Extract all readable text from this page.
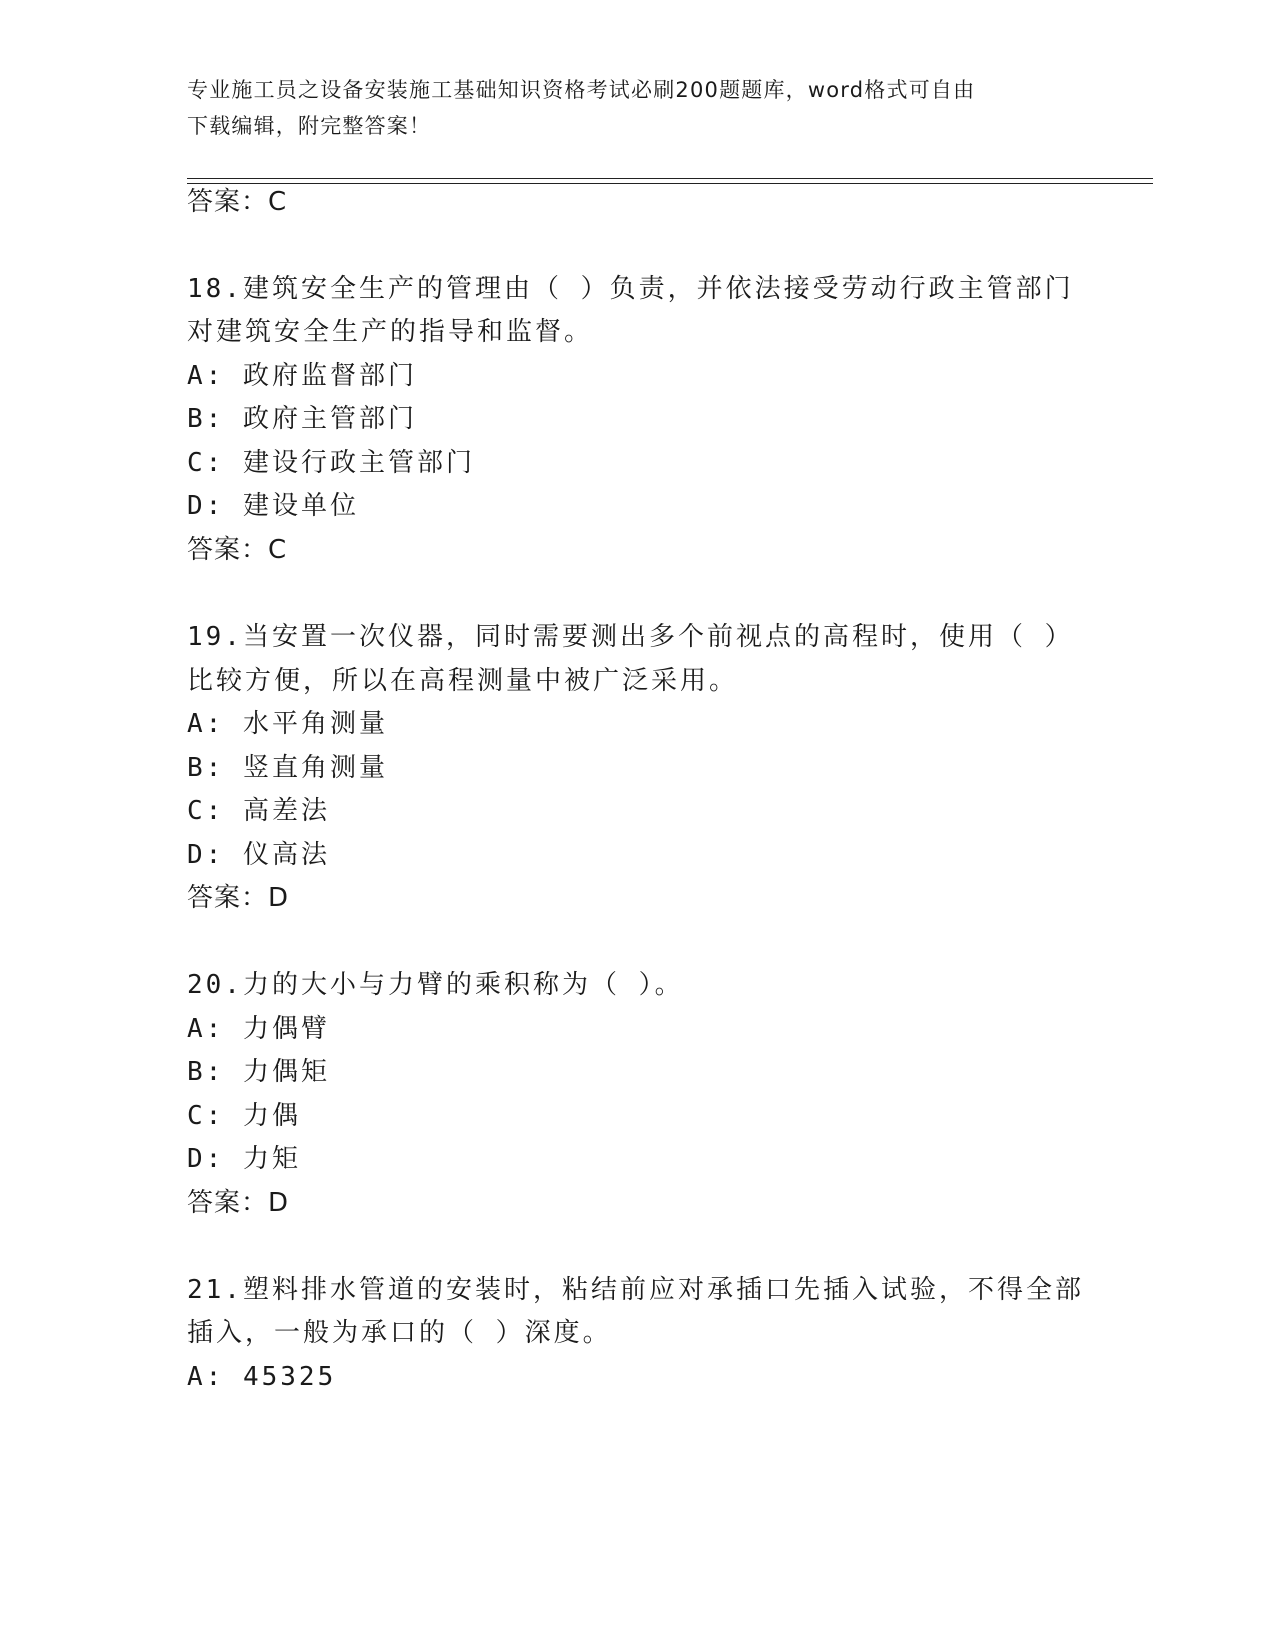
专业施工员之设备安装施工基础知识资格考试必刷200题题库，word格式可自由
下载编辑，附完整答案！
答案：C
18.建筑安全生产的管理由（ ）负责，并依法接受劳动行政主管部门
对建筑安全生产的指导和监督。
A: 政府监督部门
B: 政府主管部门
C: 建设行政主管部门
D: 建设单位
答案：C
19.当安置一次仪器，同时需要测出多个前视点的高程时，使用（ ）
比较方便，所以在高程测量中被广泛采用。
A: 水平角测量
B: 竖直角测量
C: 高差法
D: 仪高法
答案：D
20.力的大小与力臂的乘积称为（ ）。
A: 力偶臂
B: 力偶矩
C: 力偶
D: 力矩
答案：D
21.塑料排水管道的安装时，粘结前应对承插口先插入试验，不得全部
插入，一般为承口的（ ）深度。
A: 45325
